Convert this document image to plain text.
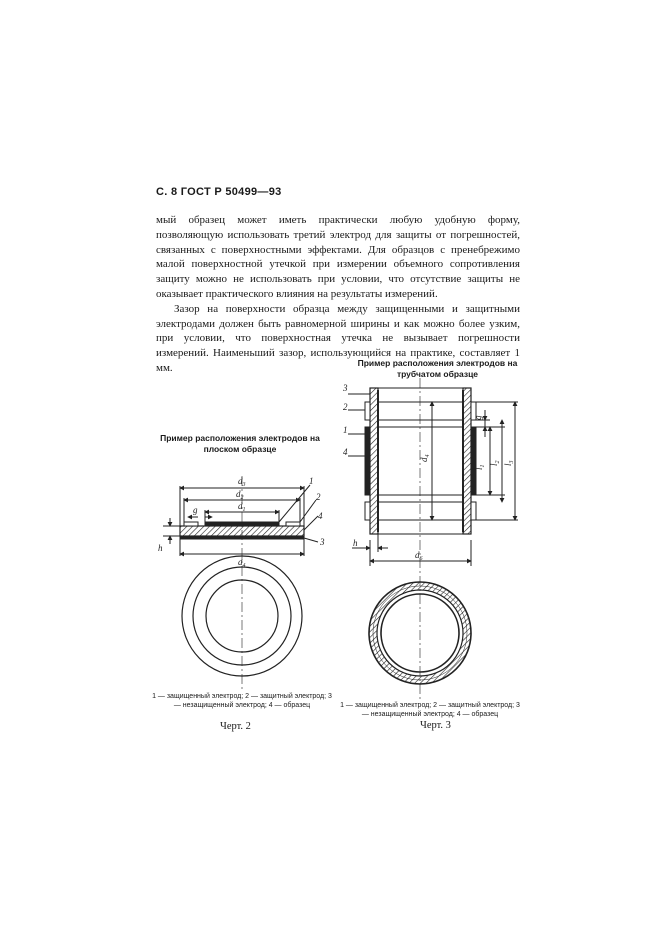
С. 8 ГОСТ Р 50499—93

мый образец может иметь практически любую удобную форму, позволяющую использовать третий электрод для защиты от погрешностей, связанных с поверхностными эффектами. Для образцов с пренебрежимо малой поверхностной утечкой при измерении объемного сопротивления защиту можно не использовать при условии, что отсутствие защиты не оказывает практического влияния на результаты измерений.

Зазор на поверхности образца между защищенными и защитными электродами должен быть равномерной ширины и как можно более узким, при условии, что поверхностная утечка не вызывает погрешности измерений. Наименьший зазор, использующийся на практике, составляет 1 мм.	Пример расположения электродов на трубчатом образце
Пример расположения электродов на плоском образце
$d_3$
$d_2$
$d_1$
$d_4$
g
h
1
2
4
3
3
2
1
4
$d_4$
$l_1$ $l_2$
$l_3$
g
$d_6$
h
1 — защищенный электрод; 2 — защитный электрод; 3 — незащищенный электрод; 4 — образец	1 — защищенный электрод; 2 — защитный электрод; 3 — незащищенный электрод; 4 — образец
Черт. 2	Черт. 3
